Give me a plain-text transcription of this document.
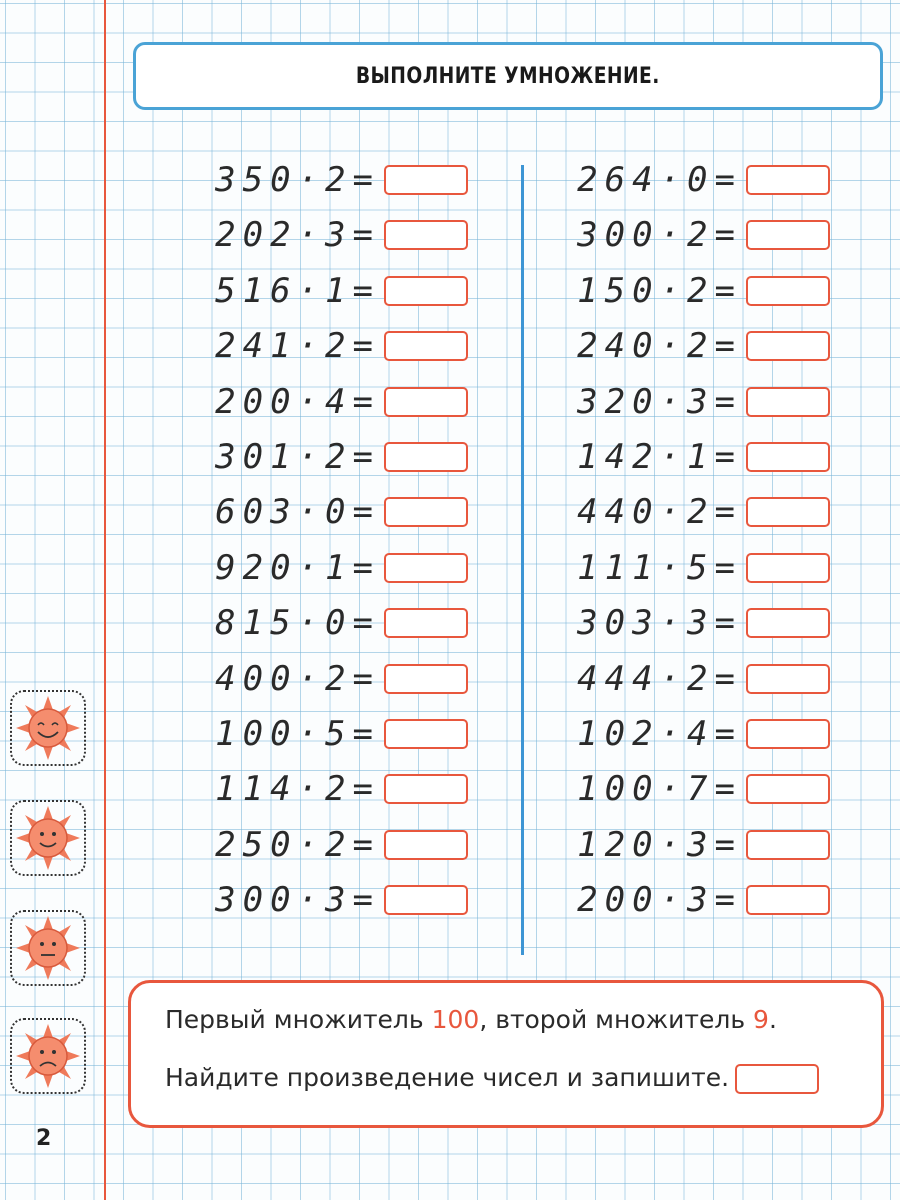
ВЫПОЛНИТЕ УМНОЖЕНИЕ.
350·2=
202·3=
516·1=
241·2=
200·4=
301·2=
603·0=
920·1=
815·0=
400·2=
100·5=
114·2=
250·2=
300·3=
264·0=
300·2=
150·2=
240·2=
320·3=
142·1=
440·2=
111·5=
303·3=
444·2=
102·4=
100·7=
120·3=
200·3=
2
Первый множитель 100, второй множитель 9.
Найдите произведение чисел и запишите.
